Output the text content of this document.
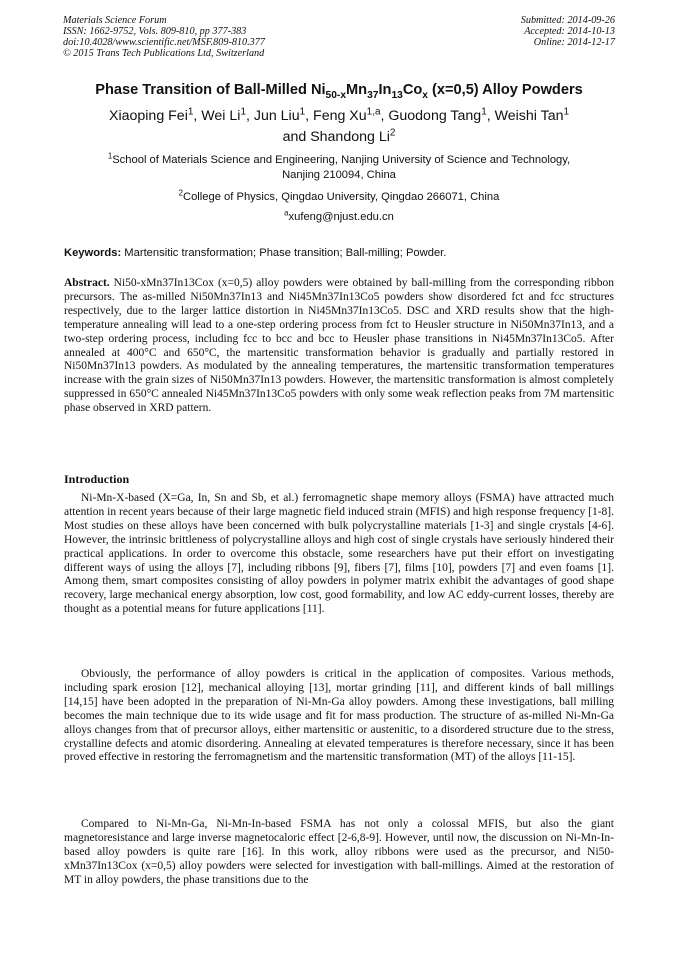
Materials Science Forum
ISSN: 1662-9752, Vols. 809-810, pp 377-383
doi:10.4028/www.scientific.net/MSF.809-810.377
© 2015 Trans Tech Publications Ltd, Switzerland
Submitted: 2014-09-26
Accepted: 2014-10-13
Online: 2014-12-17
Phase Transition of Ball-Milled $Ni_{50-x}Mn_{37}In_{13}Co_x$ (x=0,5) Alloy Powders
Xiaoping Fei$^1$, Wei Li$^1$, Jun Liu$^1$, Feng Xu$^{1,a}$, Guodong Tang$^1$, Weishi Tan$^1$
and Shandong Li$^2$
$^1$School of Materials Science and Engineering, Nanjing University of Science and Technology,
Nanjing 210094, China
$^2$College of Physics, Qingdao University, Qingdao 266071, China
$^a$xufeng@njust.edu.cn
Keywords: Martensitic transformation; Phase transition; Ball-milling; Powder.

Abstract. Ni50-xMn37In13Cox (x=0,5) alloy powders were obtained by ball-milling from the corresponding ribbon precursors. The as-milled Ni50Mn37In13 and Ni45Mn37In13Co5 powders show disordered fct and fcc structures respectively, due to the larger lattice distortion in Ni45Mn37In13Co5. DSC and XRD results show that the high-temperature annealing will lead to a one-step ordering process from fct to Heusler structure in Ni50Mn37In13, and a two-step ordering process, including fcc to bcc and bcc to Heusler phase transitions in Ni45Mn37In13Co5. After annealed at 400°C and 650°C, the martensitic transformation behavior is gradually and partially restored in Ni50Mn37In13 powders. As modulated by the annealing temperatures, the martensitic transformation temperatures increase with the grain sizes of Ni50Mn37In13 powders. However, the martensitic transformation is almost completely suppressed in 650°C annealed Ni45Mn37In13Co5 powders with only some weak reflection peaks from 7M martensitic phase observed in XRD pattern.

Introduction

Ni-Mn-X-based (X=Ga, In, Sn and Sb, et al.) ferromagnetic shape memory alloys (FSMA) have attracted much attention in recent years because of their large magnetic field induced strain (MFIS) and high response frequency [1-8]. Most studies on these alloys have been concerned with bulk polycrystalline materials [1-3] and single crystals [4-6]. However, the intrinsic brittleness of polycrystalline alloys and high cost of single crystals have seriously hindered their practical applications. In order to overcome this obstacle, some researchers have put their effort on investigating different ways of using the alloys [7], including ribbons [9], fibers [7], films [10], powders [7] and even foams [1]. Among them, smart composites consisting of alloy powders in polymer matrix exhibit the advantages of good shape recovery, large mechanical energy absorption, low cost, good formability, and low AC eddy-current losses, thereby are thought as a potential means for future applications [11].

Obviously, the performance of alloy powders is critical in the application of composites. Various methods, including spark erosion [12], mechanical alloying [13], mortar grinding [11], and different kinds of ball millings [14,15] have been adopted in the preparation of Ni-Mn-Ga alloy powders. Among these investigations, ball milling becomes the main technique due to its wide usage and fit for mass production. The structure of as-milled Ni-Mn-Ga alloys changes from that of precursor alloys, either martensitic or austenitic, to a disordered structure due to the stress, crystalline defects and atomic disordering. Annealing at elevated temperatures is therefore necessary, since it has been proved effective in restoring the ferromagnetism and the martensitic transformation (MT) of the alloys [11-15].

Compared to Ni-Mn-Ga, Ni-Mn-In-based FSMA has not only a colossal MFIS, but also the giant magnetoresistance and large inverse magnetocaloric effect [2-6,8-9]. However, until now, the discussion on Ni-Mn-In-based alloy powders is quite rare [16]. In this work, alloy ribbons were used as the precursor, and Ni50-xMn37In13Cox (x=0,5) alloy powders were selected for investigation with ball-millings. Aimed at the restoration of MT in alloy powders, the phase transitions due to the
